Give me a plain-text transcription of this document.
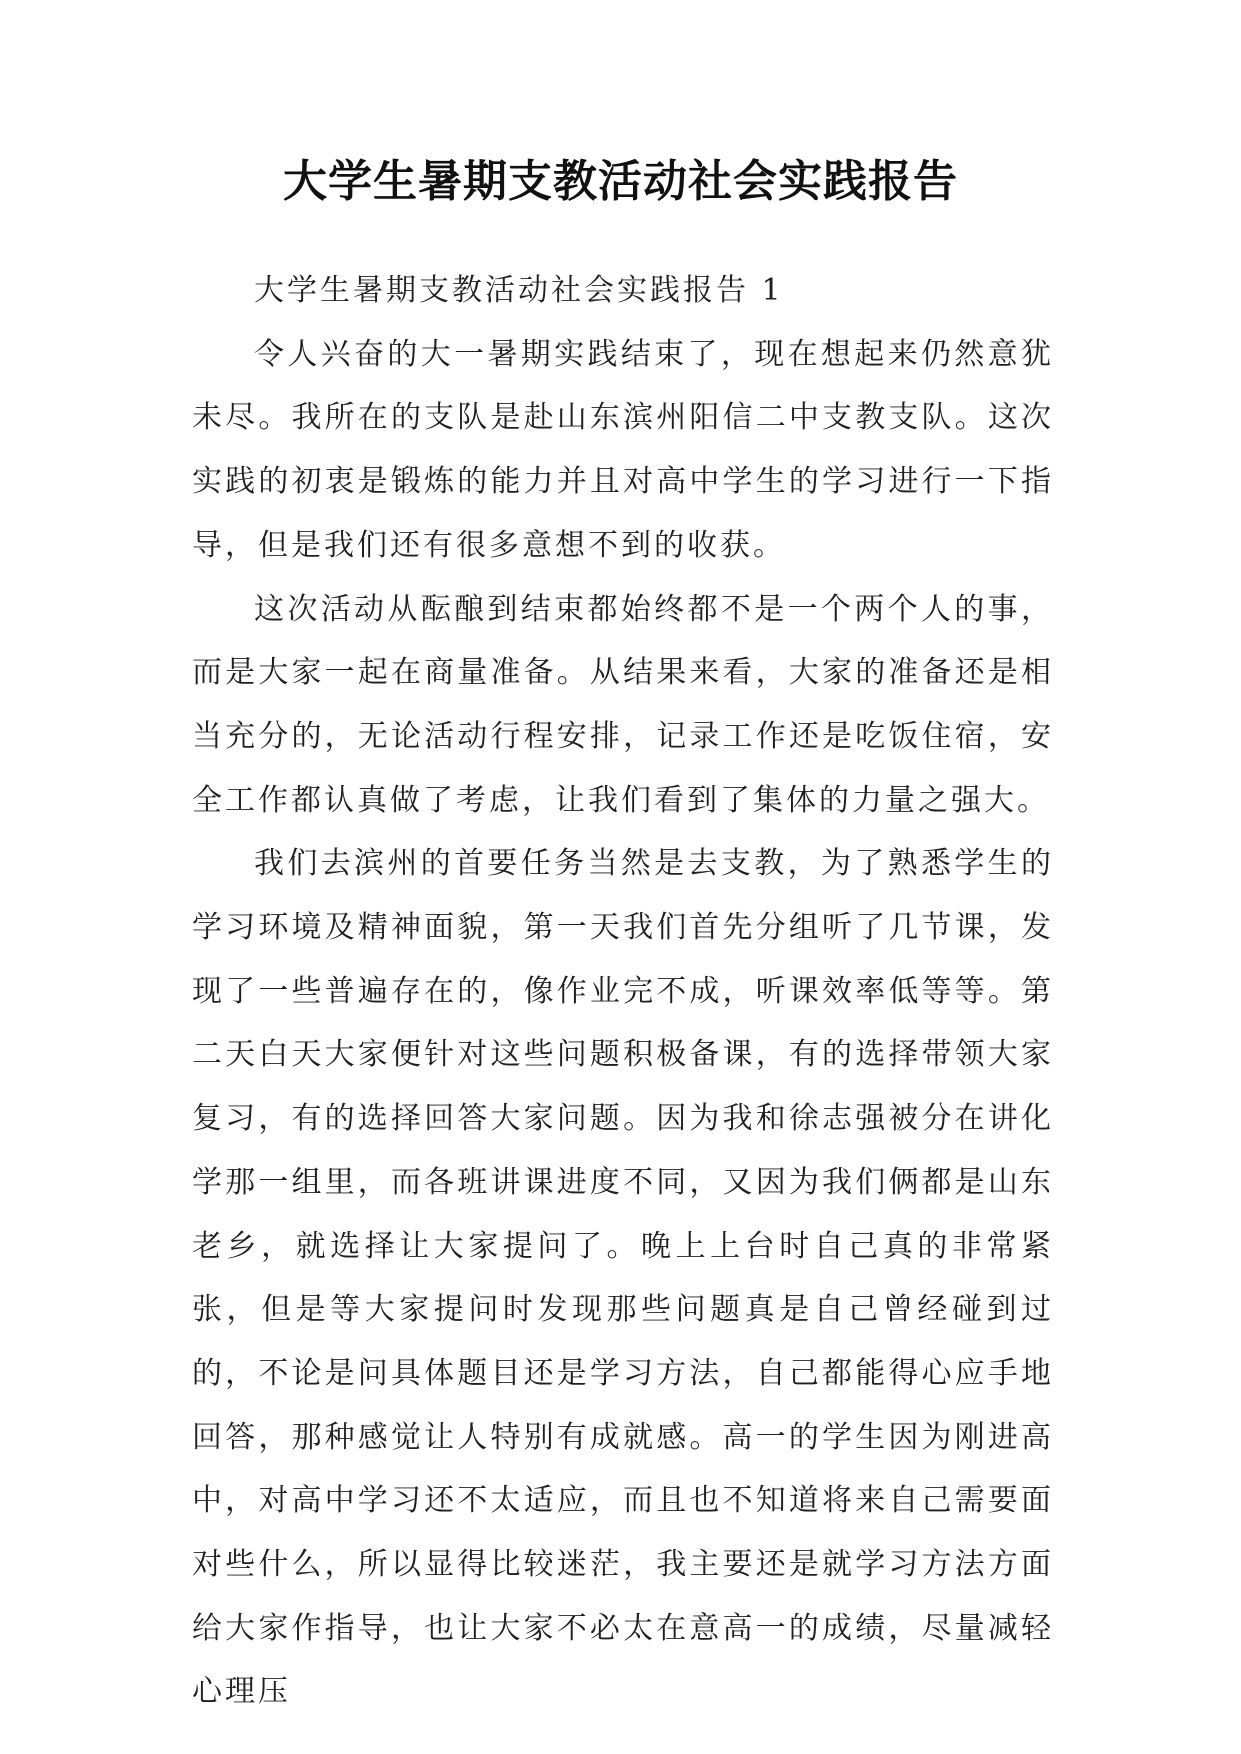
大学生暑期支教活动社会实践报告

大学生暑期支教活动社会实践报告 1

令人兴奋的大一暑期实践结束了，现在想起来仍然意犹未尽。我所在的支队是赴山东滨州阳信二中支教支队。这次实践的初衷是锻炼的能力并且对高中学生的学习进行一下指导，但是我们还有很多意想不到的收获。

这次活动从酝酿到结束都始终都不是一个两个人的事，而是大家一起在商量准备。从结果来看，大家的准备还是相当充分的，无论活动行程安排，记录工作还是吃饭住宿，安全工作都认真做了考虑，让我们看到了集体的力量之强大。

我们去滨州的首要任务当然是去支教，为了熟悉学生的学习环境及精神面貌，第一天我们首先分组听了几节课，发现了一些普遍存在的，像作业完不成，听课效率低等等。第二天白天大家便针对这些问题积极备课，有的选择带领大家复习，有的选择回答大家问题。因为我和徐志强被分在讲化学那一组里，而各班讲课进度不同，又因为我们俩都是山东老乡，就选择让大家提问了。晚上上台时自己真的非常紧张，但是等大家提问时发现那些问题真是自己曾经碰到过的，不论是问具体题目还是学习方法，自己都能得心应手地回答，那种感觉让人特别有成就感。高一的学生因为刚进高中，对高中学习还不太适应，而且也不知道将来自己需要面对些什么，所以显得比较迷茫，我主要还是就学习方法方面给大家作指导，也让大家不必太在意高一的成绩，尽量减轻心理压
